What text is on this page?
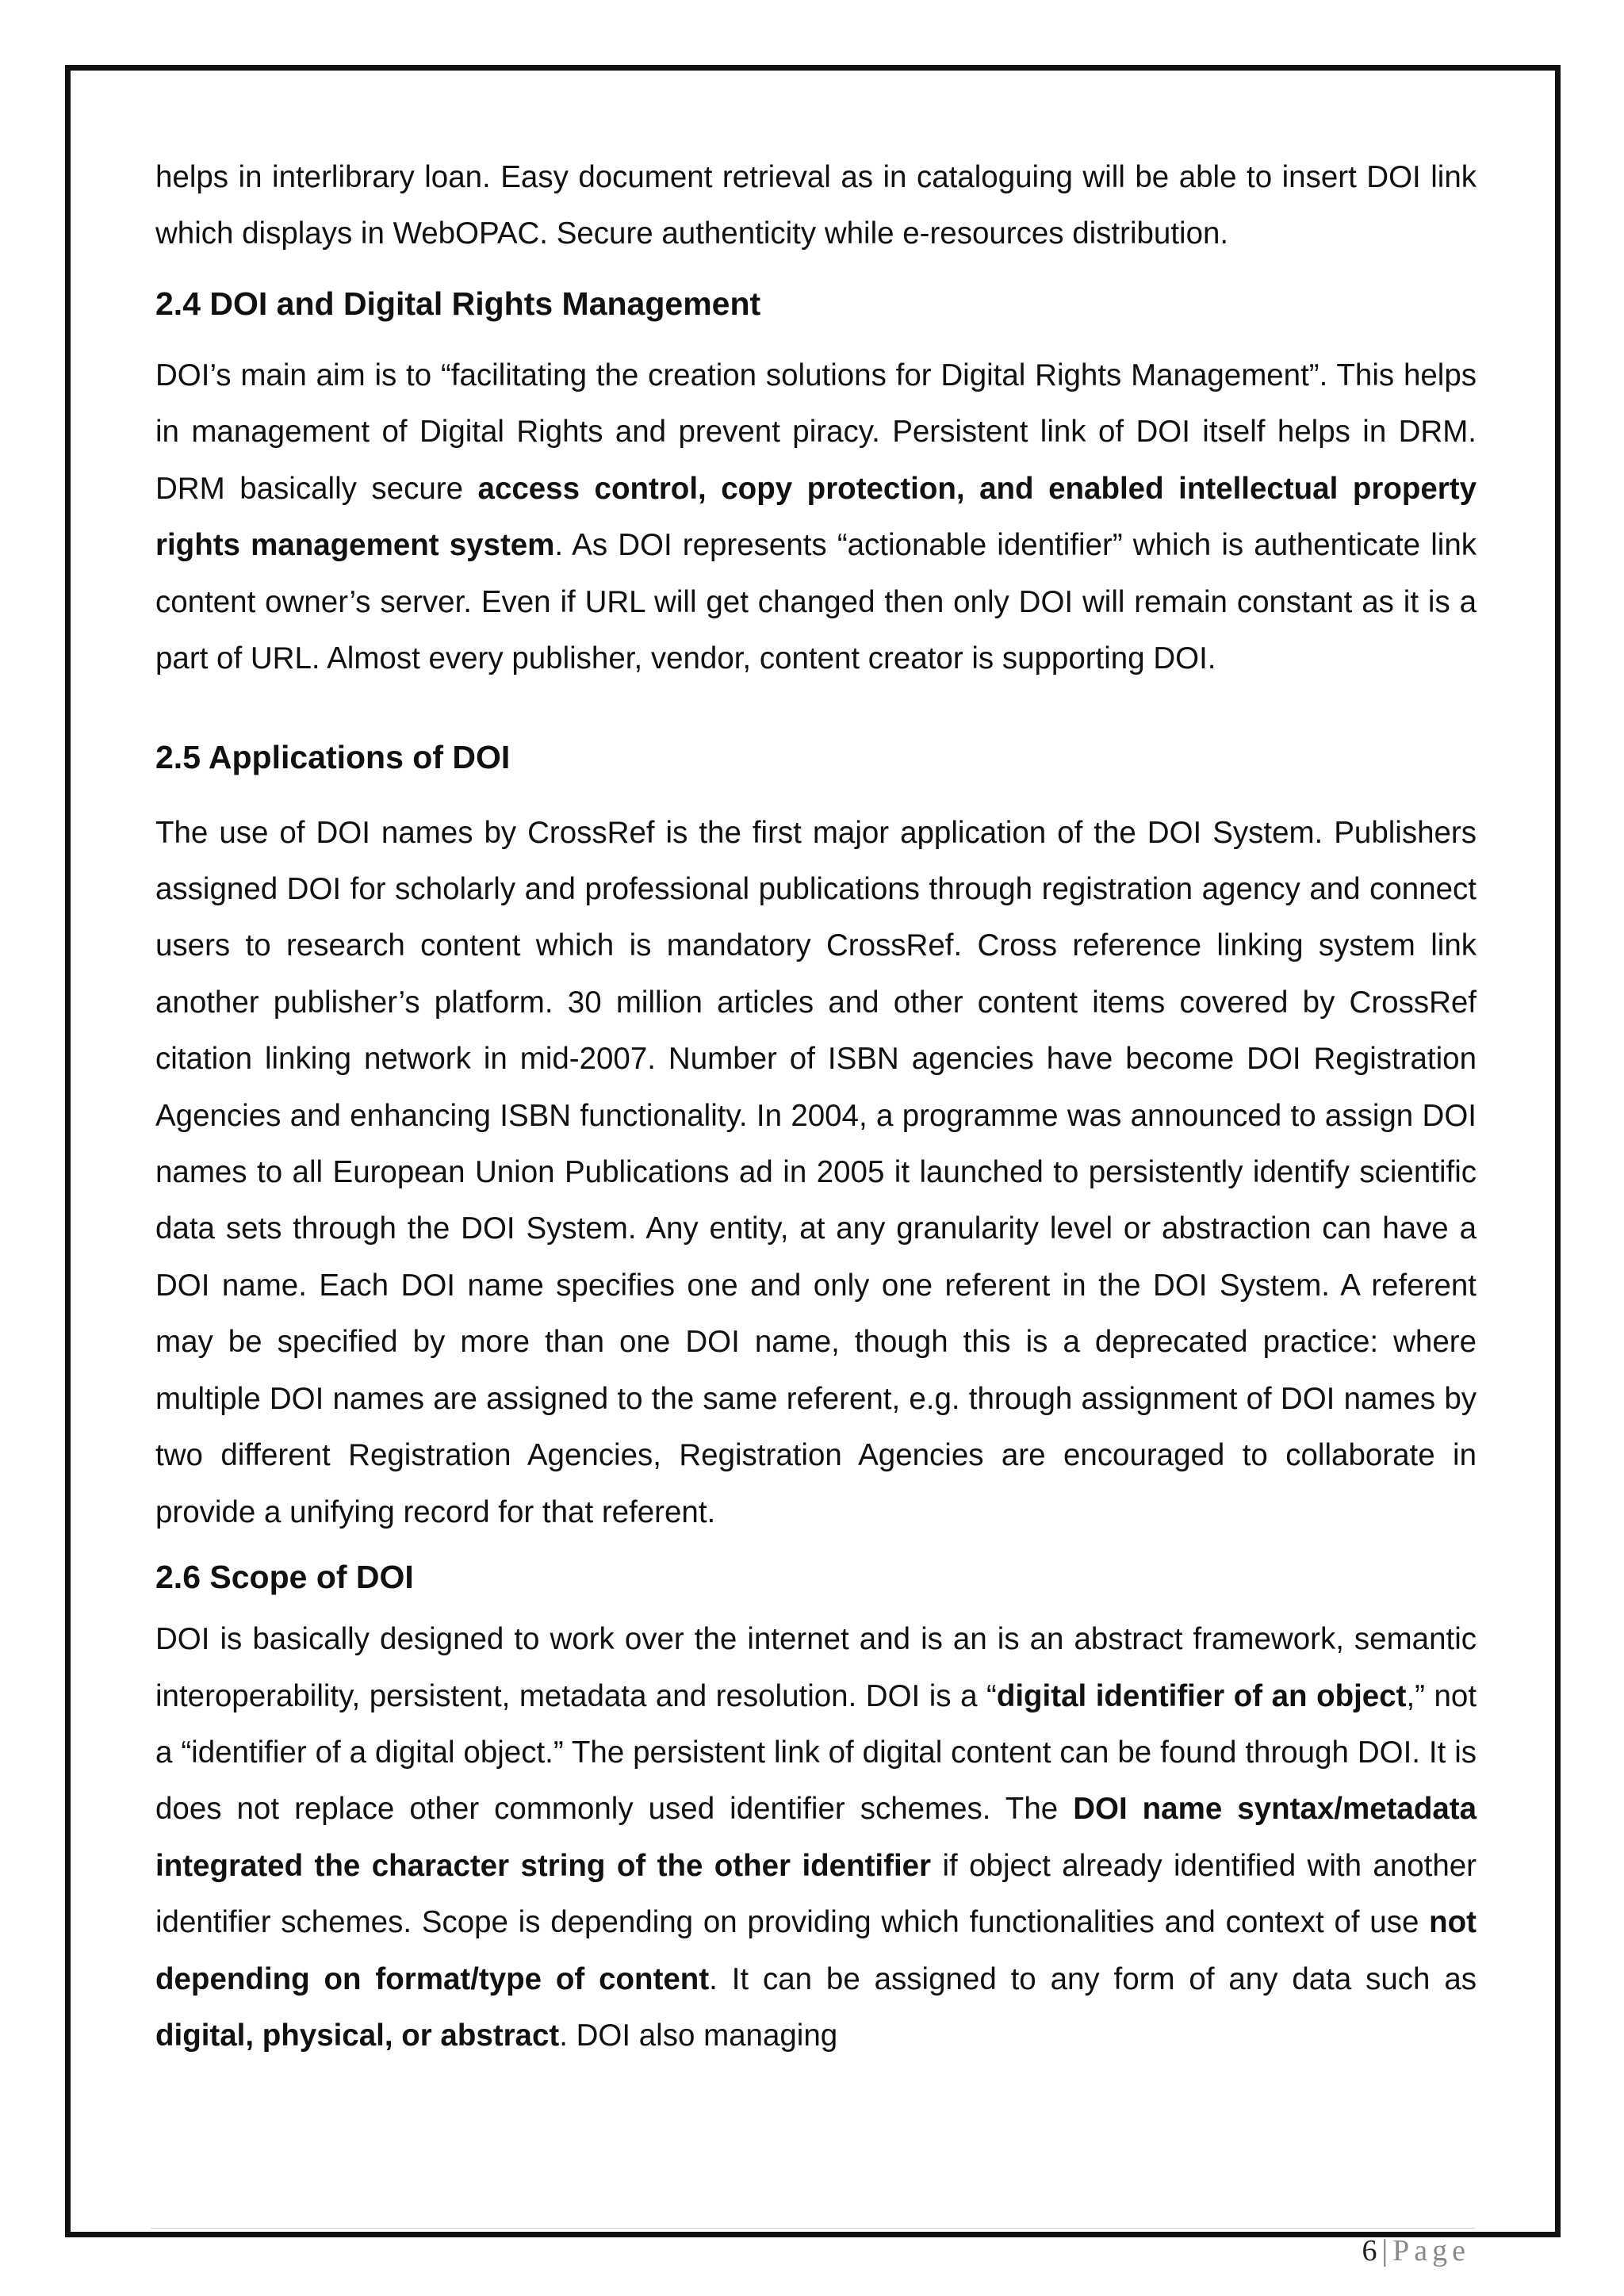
helps in interlibrary loan. Easy document retrieval as in cataloguing will be able to insert DOI link which displays in WebOPAC. Secure authenticity while e-resources distribution.

2.4 DOI and Digital Rights Management

DOI’s main aim is to “facilitating the creation solutions for Digital Rights Management”. This helps in management of Digital Rights and prevent piracy. Persistent link of DOI itself helps in DRM. DRM basically secure access control, copy protection, and enabled intellectual property rights management system. As DOI represents “actionable identifier” which is authenticate link content owner’s server. Even if URL will get changed then only DOI will remain constant as it is a part of URL. Almost every publisher, vendor, content creator is supporting DOI.

2.5 Applications of DOI

The use of DOI names by CrossRef is the first major application of the DOI System. Publishers assigned DOI for scholarly and professional publications through registration agency and connect users to research content which is mandatory CrossRef. Cross reference linking system link another publisher’s platform. 30 million articles and other content items covered by CrossRef citation linking network in mid-2007. Number of ISBN agencies have become DOI Registration Agencies and enhancing ISBN functionality. In 2004, a programme was announced to assign DOI names to all European Union Publications ad in 2005 it launched to persistently identify scientific data sets through the DOI System. Any entity, at any granularity level or abstraction can have a DOI name. Each DOI name specifies one and only one referent in the DOI System. A referent may be specified by more than one DOI name, though this is a deprecated practice: where multiple DOI names are assigned to the same referent, e.g. through assignment of DOI names by two different Registration Agencies, Registration Agencies are encouraged to collaborate in provide a unifying record for that referent.

2.6 Scope of DOI

DOI is basically designed to work over the internet and is an is an abstract framework, semantic interoperability, persistent, metadata and resolution. DOI is a “digital identifier of an object,” not a “identifier of a digital object.” The persistent link of digital content can be found through DOI. It is does not replace other commonly used identifier schemes. The DOI name syntax/metadata integrated the character string of the other identifier if object already identified with another identifier schemes. Scope is depending on providing which functionalities and context of use not depending on format/type of content. It can be assigned to any form of any data such as digital, physical, or abstract. DOI also managing

6 | Page
